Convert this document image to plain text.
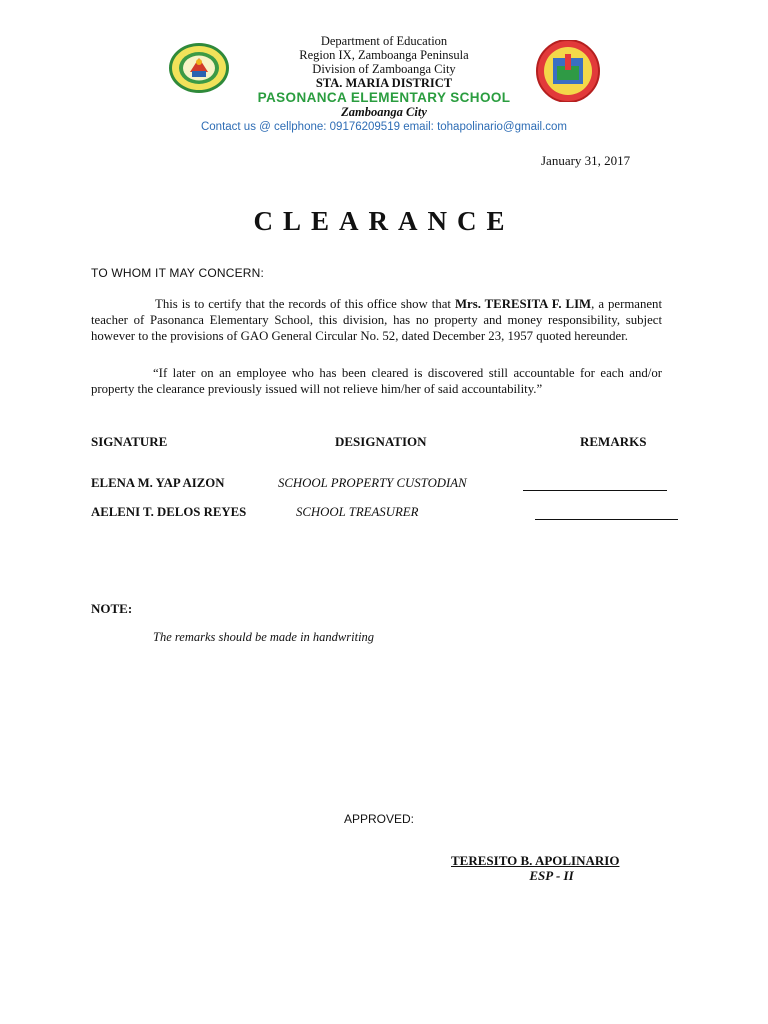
Department of Education
Region IX, Zamboanga Peninsula
Division of Zamboanga City
STA. MARIA DISTRICT
PASONANCA ELEMENTARY SCHOOL
Zamboanga City
Contact us @ cellphone: 09176209519 email: tohapolinario@gmail.com
January 31, 2017
CLEARANCE
TO WHOM IT MAY CONCERN:
This is to certify that the records of this office show that Mrs. TERESITA F. LIM, a permanent teacher of Pasonanca Elementary School, this division, has no property and money responsibility, subject however to the provisions of GAO General Circular No. 52, dated December 23, 1957 quoted hereunder.
“If later on an employee who has been cleared is discovered still accountable for each and/or property the clearance previously issued will not relieve him/her of said accountability.”
SIGNATURE	DESIGNATION	REMARKS
ELENA M. YAP AIZON	SCHOOL PROPERTY CUSTODIAN
AELENI T. DELOS REYES	SCHOOL TREASURER
NOTE:
The remarks should be made in handwriting
APPROVED:
TERESITO B. APOLINARIO
ESP - II
